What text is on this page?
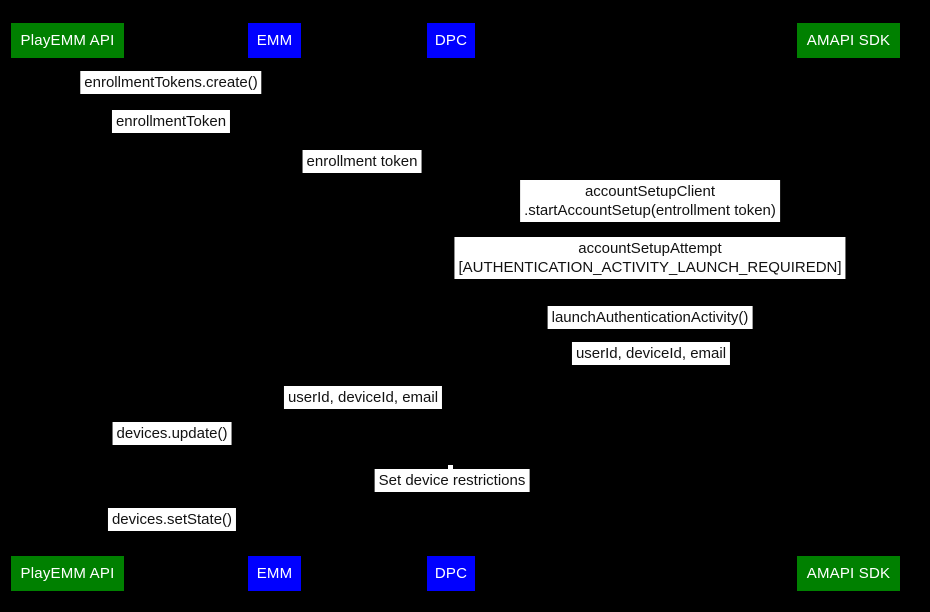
PlayEMM API	EMM	DPC	AMAPI SDK
PlayEMM API	EMM	DPC	AMAPI SDK
enrollmentTokens.create()
enrollmentToken
enrollment token
accountSetupClient
.startAccountSetup(entrollment token)
accountSetupAttempt
[AUTHENTICATION_ACTIVITY_LAUNCH_REQUIREDN]
launchAuthenticationActivity()
userId, deviceId, email
userId, deviceId, email
devices.update()
Set device restrictions
devices.setState()
